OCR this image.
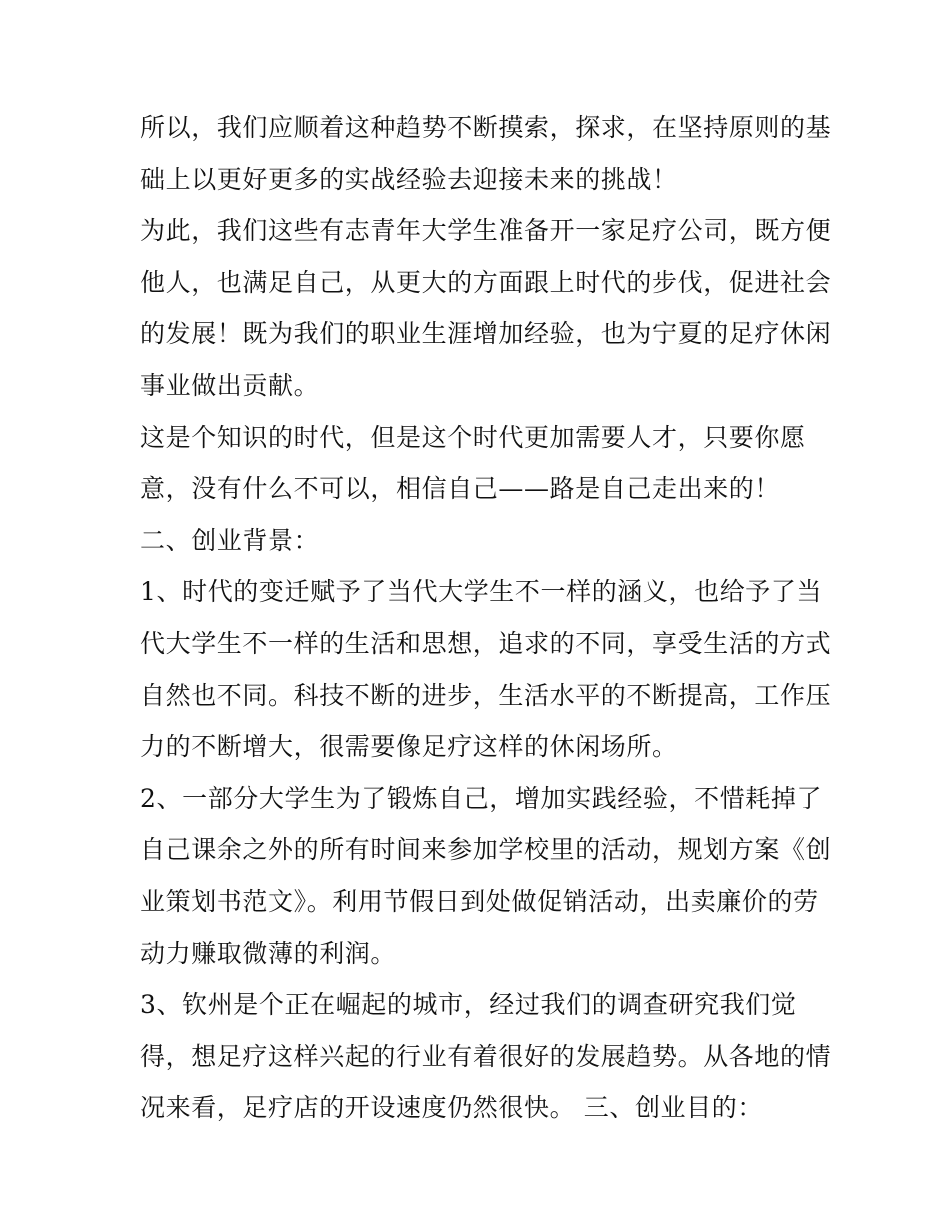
所以，我们应顺着这种趋势不断摸索，探求，在坚持原则的基
础上以更好更多的实战经验去迎接未来的挑战！
为此，我们这些有志青年大学生准备开一家足疗公司，既方便
他人，也满足自己，从更大的方面跟上时代的步伐，促进社会
的发展！既为我们的职业生涯增加经验，也为宁夏的足疗休闲
事业做出贡献。
这是个知识的时代，但是这个时代更加需要人才，只要你愿
意，没有什么不可以，相信自己——路是自己走出来的！
二、创业背景：
1、时代的变迁赋予了当代大学生不一样的涵义，也给予了当
代大学生不一样的生活和思想，追求的不同，享受生活的方式
自然也不同。科技不断的进步，生活水平的不断提高，工作压
力的不断增大，很需要像足疗这样的休闲场所。
2、一部分大学生为了锻炼自己，增加实践经验，不惜耗掉了
自己课余之外的所有时间来参加学校里的活动，规划方案《创
业策划书范文》。利用节假日到处做促销活动，出卖廉价的劳
动力赚取微薄的利润。
3、钦州是个正在崛起的城市，经过我们的调查研究我们觉
得，想足疗这样兴起的行业有着很好的发展趋势。从各地的情
况来看，足疗店的开设速度仍然很快。 三、创业目的：
